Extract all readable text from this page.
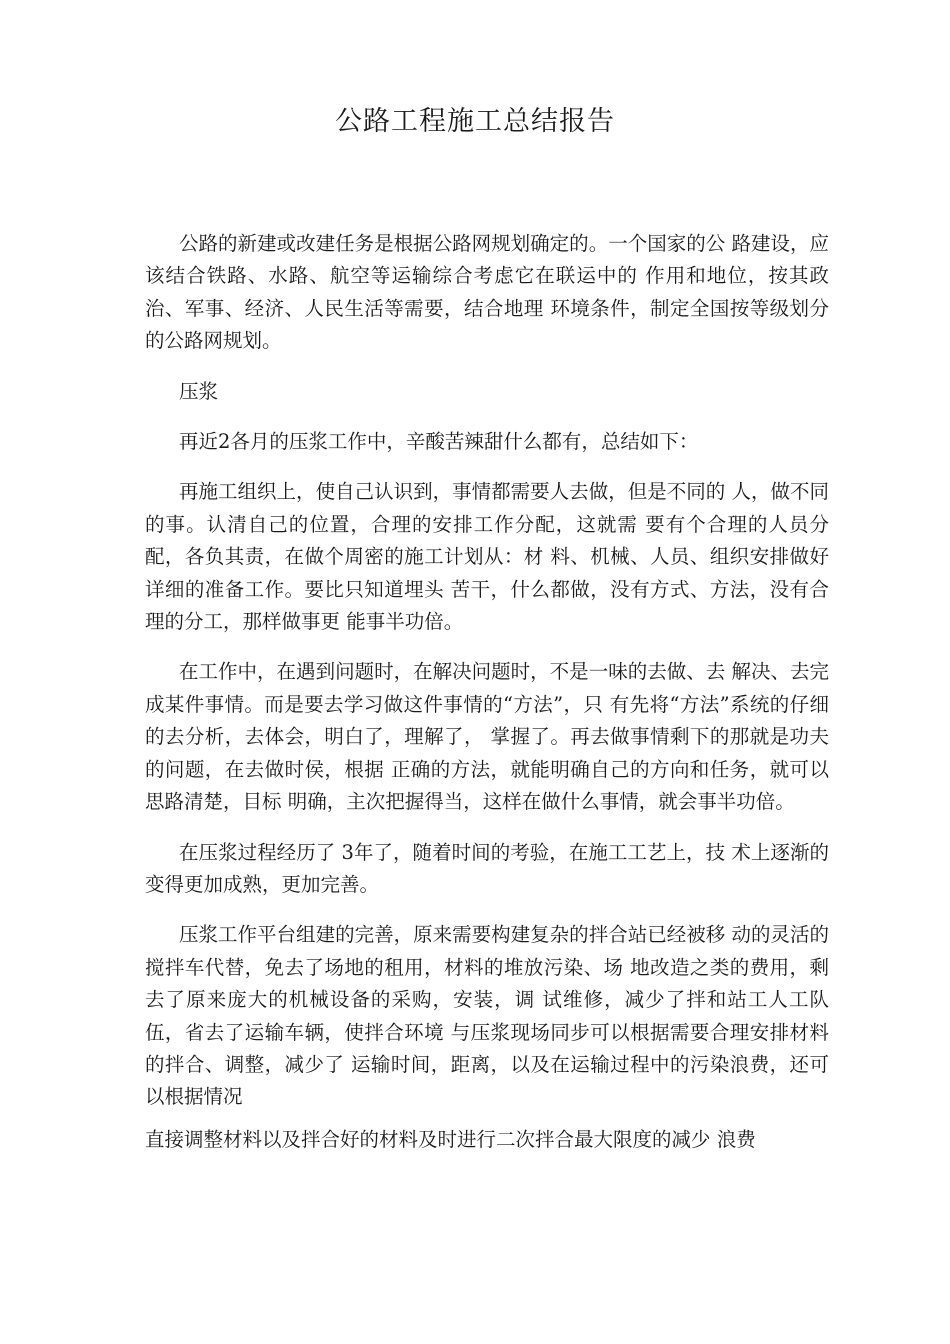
公路工程施工总结报告

公路的新建或改建任务是根据公路网规划确定的。一个国家的公 路建设，应该结合铁路、水路、航空等运输综合考虑它在联运中的 作用和地位，按其政治、军事、经济、人民生活等需要，结合地理 环境条件，制定全国按等级划分的公路网规划。

压浆

再近2各月的压浆工作中，辛酸苦辣甜什么都有，总结如下：

再施工组织上，使自己认识到，事情都需要人去做，但是不同的 人，做不同的事。认清自己的位置，合理的安排工作分配，这就需 要有个合理的人员分配，各负其责，在做个周密的施工计划从：材 料、机械、人员、组织安排做好详细的准备工作。要比只知道埋头 苦干，什么都做，没有方式、方法，没有合理的分工，那样做事更 能事半功倍。

在工作中，在遇到问题时，在解决问题时，不是一味的去做、去 解决、去完成某件事情。而是要去学习做这件事情的“方法”，只 有先将“方法”系统的仔细的去分析，去体会，明白了，理解了， 掌握了。再去做事情剩下的那就是功夫的问题，在去做时侯，根据 正确的方法，就能明确自己的方向和任务，就可以思路清楚，目标 明确，主次把握得当，这样在做什么事情，就会事半功倍。

在压浆过程经历了 3年了，随着时间的考验，在施工工艺上，技 术上逐渐的变得更加成熟，更加完善。

压浆工作平台组建的完善，原来需要构建复杂的拌合站已经被移 动的灵活的搅拌车代替，免去了场地的租用，材料的堆放污染、场 地改造之类的费用，剩去了原来庞大的机械设备的采购，安装，调 试维修，减少了拌和站工人工队伍，省去了运输车辆，使拌合环境 与压浆现场同步可以根据需要合理安排材料的拌合、调整，减少了 运输时间，距离，以及在运输过程中的污染浪费，还可以根据情况

直接调整材料以及拌合好的材料及时进行二次拌合最大限度的减少 浪费
